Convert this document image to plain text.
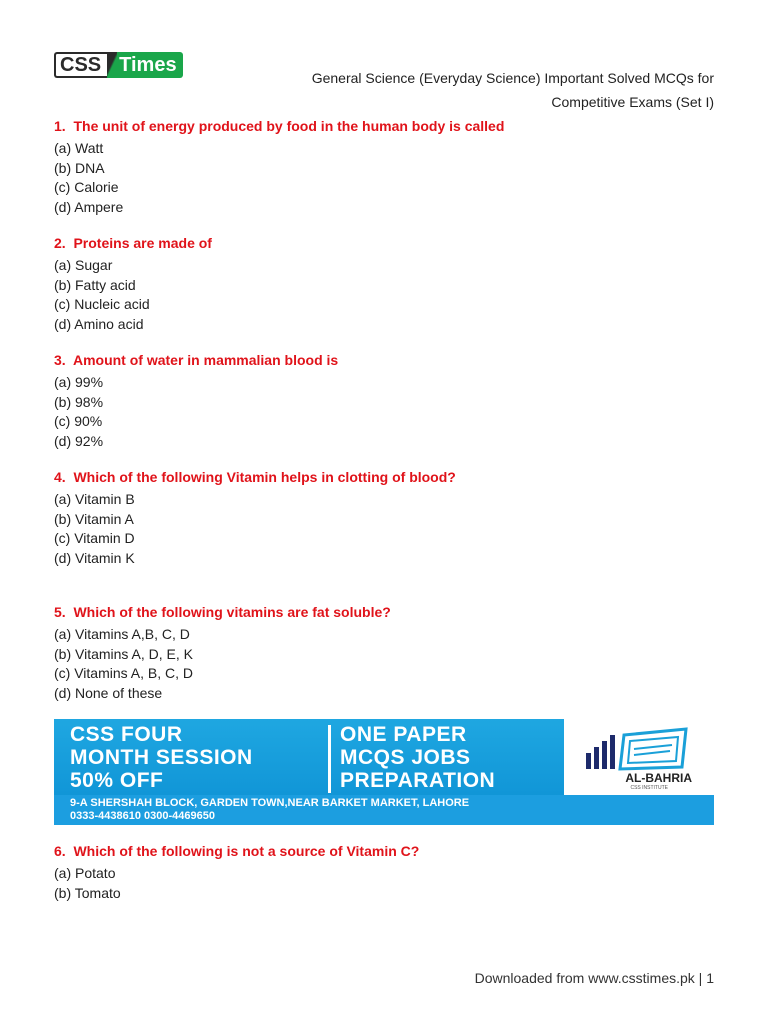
CSS Times
General Science (Everyday Science) Important Solved MCQs for
Competitive Exams (Set I)

1. The unit of energy produced by food in the human body is called

(a) Watt

(b) DNA

(c) Calorie

(d) Ampere

2. Proteins are made of

(a) Sugar

(b) Fatty acid

(c) Nucleic acid

(d) Amino acid

3. Amount of water in mammalian blood is

(a) 99%

(b) 98%

(c) 90%

(d) 92%

4. Which of the following Vitamin helps in clotting of blood?

(a) Vitamin B

(b) Vitamin A

(c) Vitamin D

(d) Vitamin K

5. Which of the following vitamins are fat soluble?

(a) Vitamins A,B, C, D

(b) Vitamins A, D, E, K

(c) Vitamins A, B, C, D

(d) None of these

CSS FOUR
MONTH SESSION
50% OFF
ONE PAPER
MCQS JOBS
PREPARATION	AL-BAHRIA
CSS INSTITUTE
9-A SHERSHAH BLOCK, GARDEN TOWN,NEAR BARKET MARKET, LAHORE
0333-4438610 0300-4469650

6. Which of the following is not a source of Vitamin C?

(a) Potato

(b) Tomato

Downloaded from www.csstimes.pk | 1
